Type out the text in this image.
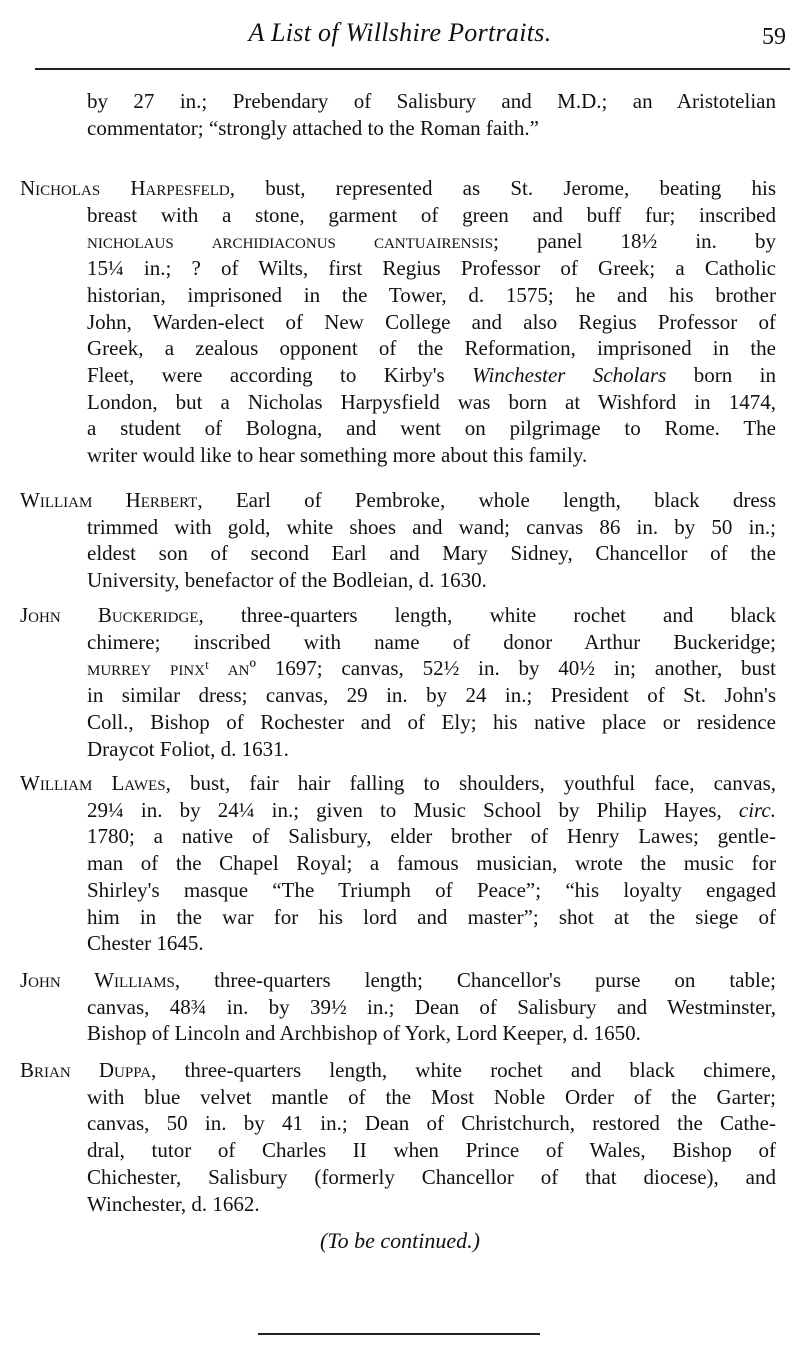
A List of Willshire Portraits.	59
by 27 in.; Prebendary of Salisbury and M.D.; an Aristotelian
commentator; “strongly attached to the Roman faith.”
Nicholas Harpesfeld, bust, represented as St. Jerome, beating his
breast with a stone, garment of green and buff fur; inscribed
nicholaus archidiaconus cantuairensis; panel 18½ in. by
15¼ in.; ? of Wilts, first Regius Professor of Greek; a Catholic
historian, imprisoned in the Tower, d. 1575; he and his brother
John, Warden-elect of New College and also Regius Professor of
Greek, a zealous opponent of the Reformation, imprisoned in the
Fleet, were according to Kirby's Winchester Scholars born in
London, but a Nicholas Harpysfield was born at Wishford in 1474,
a student of Bologna, and went on pilgrimage to Rome. The
writer would like to hear something more about this family.
William Herbert, Earl of Pembroke, whole length, black dress
trimmed with gold, white shoes and wand; canvas 86 in. by 50 in.;
eldest son of second Earl and Mary Sidney, Chancellor of the
University, benefactor of the Bodleian, d. 1630.
John Buckeridge, three-quarters length, white rochet and black
chimere; inscribed with name of donor Arthur Buckeridge;
murrey pinxᵗ anº 1697; canvas, 52½ in. by 40½ in; another, bust
in similar dress; canvas, 29 in. by 24 in.; President of St. John's
Coll., Bishop of Rochester and of Ely; his native place or residence
Draycot Foliot, d. 1631.
William Lawes, bust, fair hair falling to shoulders, youthful face, canvas,
29¼ in. by 24¼ in.; given to Music School by Philip Hayes, circ.
1780; a native of Salisbury, elder brother of Henry Lawes; gentle-
man of the Chapel Royal; a famous musician, wrote the music for
Shirley's masque “The Triumph of Peace”; “his loyalty engaged
him in the war for his lord and master”; shot at the siege of
Chester 1645.
John Williams, three-quarters length; Chancellor's purse on table;
canvas, 48¾ in. by 39½ in.; Dean of Salisbury and Westminster,
Bishop of Lincoln and Archbishop of York, Lord Keeper, d. 1650.
Brian Duppa, three-quarters length, white rochet and black chimere,
with blue velvet mantle of the Most Noble Order of the Garter;
canvas, 50 in. by 41 in.; Dean of Christchurch, restored the Cathe-
dral, tutor of Charles II when Prince of Wales, Bishop of
Chichester, Salisbury (formerly Chancellor of that diocese), and
Winchester, d. 1662.
(To be continued.)
